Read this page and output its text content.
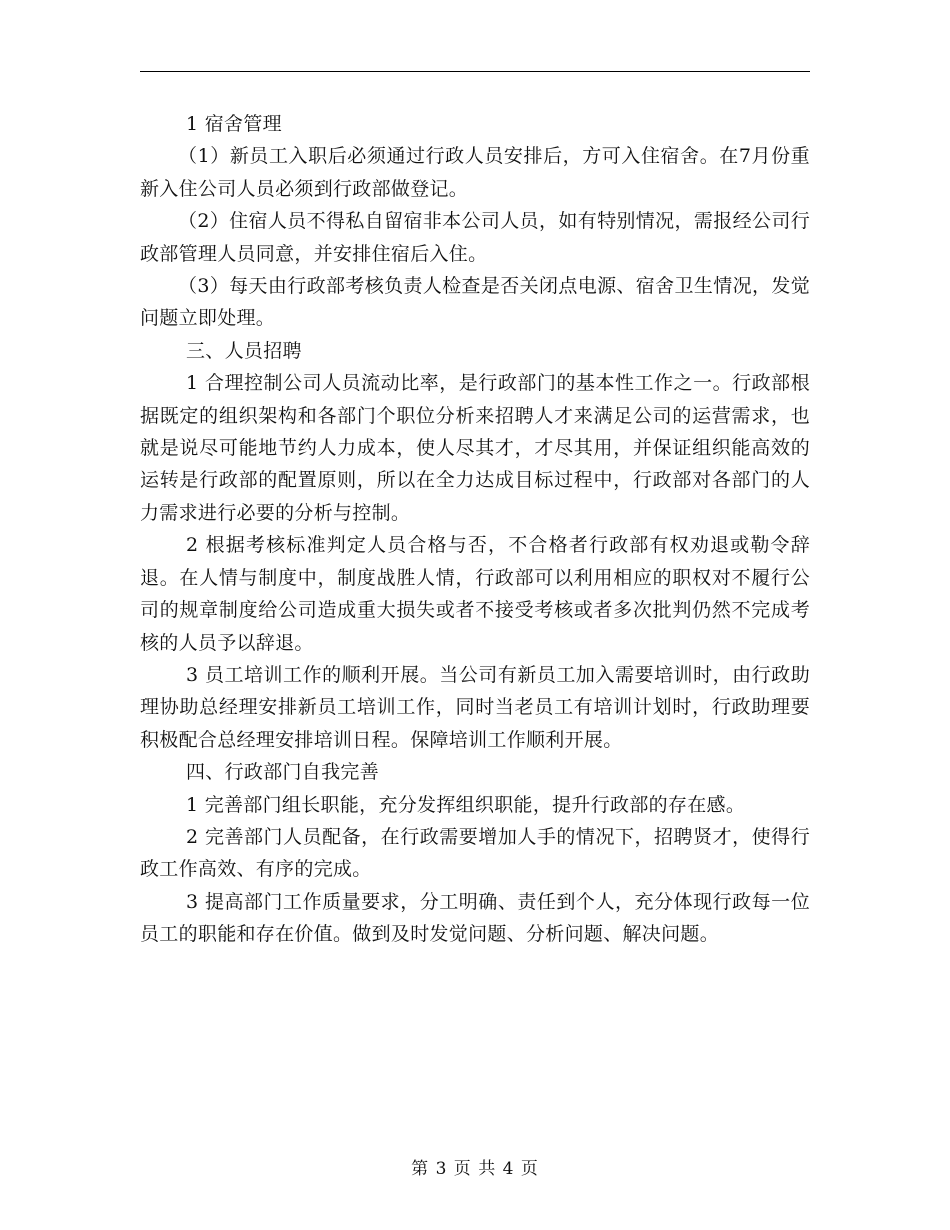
1 宿舍管理

（1）新员工入职后必须通过行政人员安排后，方可入住宿舍。在7月份重新入住公司人员必须到行政部做登记。

（2）住宿人员不得私自留宿非本公司人员，如有特别情况，需报经公司行政部管理人员同意，并安排住宿后入住。

（3）每天由行政部考核负责人检查是否关闭点电源、宿舍卫生情况，发觉问题立即处理。

三、人员招聘

1 合理控制公司人员流动比率，是行政部门的基本性工作之一。行政部根据既定的组织架构和各部门个职位分析来招聘人才来满足公司的运营需求，也就是说尽可能地节约人力成本，使人尽其才，才尽其用，并保证组织能高效的运转是行政部的配置原则，所以在全力达成目标过程中，行政部对各部门的人力需求进行必要的分析与控制。

2 根据考核标准判定人员合格与否，不合格者行政部有权劝退或勒令辞退。在人情与制度中，制度战胜人情，行政部可以利用相应的职权对不履行公司的规章制度给公司造成重大损失或者不接受考核或者多次批判仍然不完成考核的人员予以辞退。

3 员工培训工作的顺利开展。当公司有新员工加入需要培训时，由行政助理协助总经理安排新员工培训工作，同时当老员工有培训计划时，行政助理要积极配合总经理安排培训日程。保障培训工作顺利开展。

四、行政部门自我完善

1 完善部门组长职能，充分发挥组织职能，提升行政部的存在感。

2 完善部门人员配备，在行政需要增加人手的情况下，招聘贤才，使得行政工作高效、有序的完成。

3 提高部门工作质量要求，分工明确、责任到个人，充分体现行政每一位员工的职能和存在价值。做到及时发觉问题、分析问题、解决问题。

第 3 页 共 4 页
